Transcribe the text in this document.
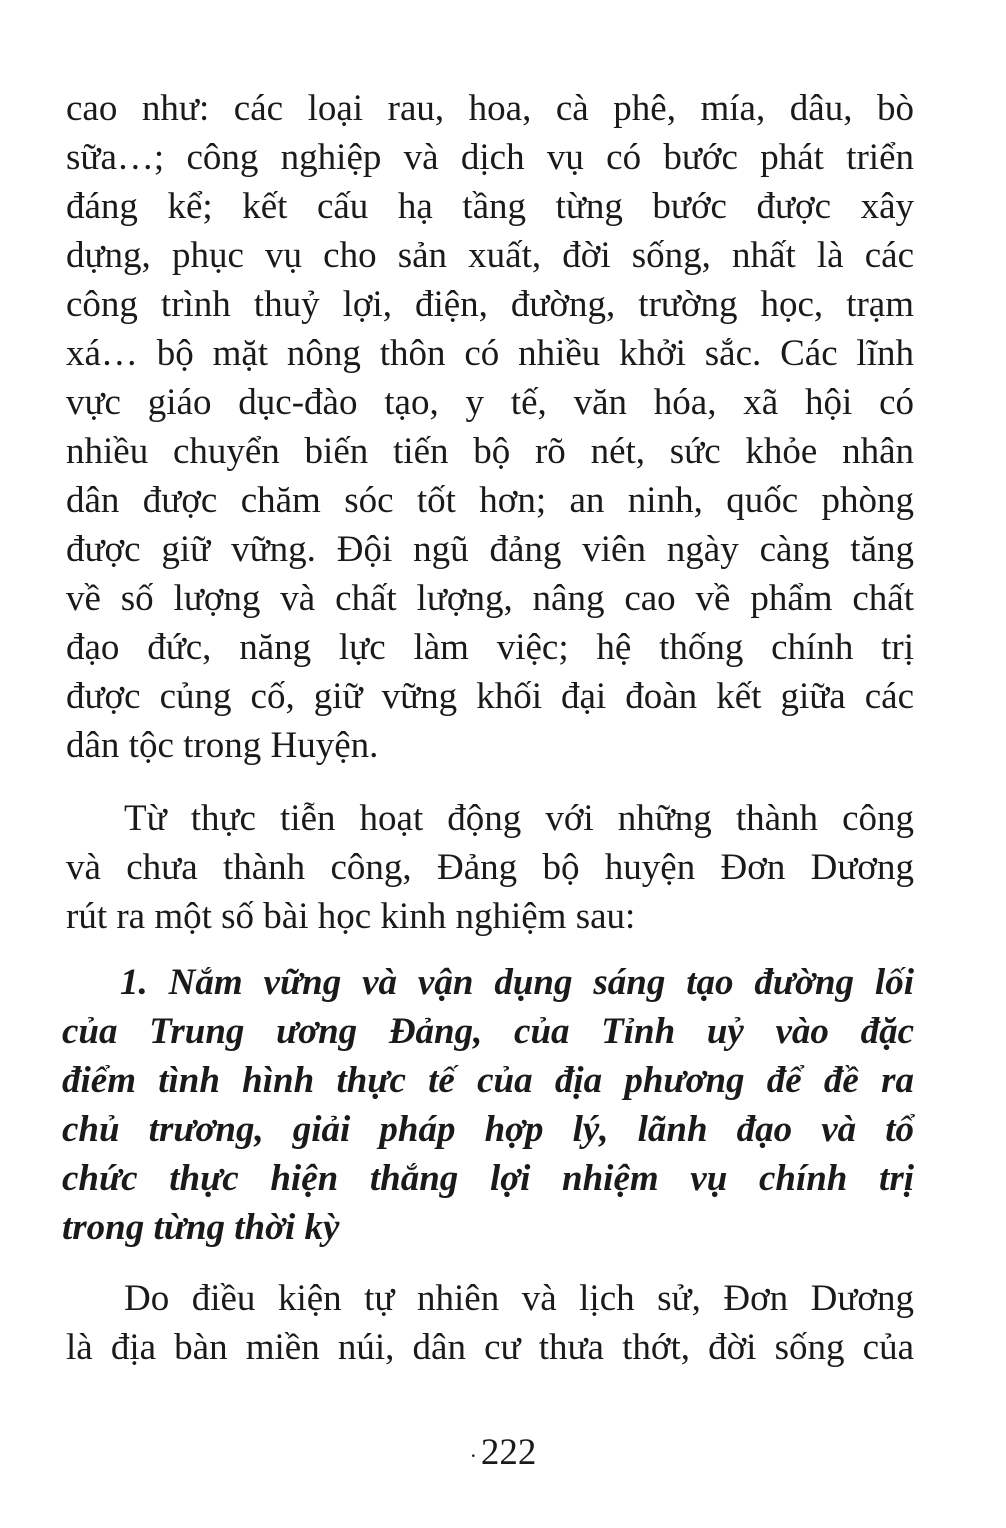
cao như: các loại rau, hoa, cà phê, mía, dâu, bò
sữa…; công nghiệp và dịch vụ có bước phát triển
đáng kể; kết cấu hạ tầng từng bước được xây
dựng, phục vụ cho sản xuất, đời sống, nhất là các
công trình thuỷ lợi, điện, đường, trường học, trạm
xá… bộ mặt nông thôn có nhiều khởi sắc. Các lĩnh
vực giáo dục-đào tạo, y tế, văn hóa, xã hội có
nhiều chuyển biến tiến bộ rõ nét, sức khỏe nhân
dân được chăm sóc tốt hơn; an ninh, quốc phòng
được giữ vững. Đội ngũ đảng viên ngày càng tăng
về số lượng và chất lượng, nâng cao về phẩm chất
đạo đức, năng lực làm việc; hệ thống chính trị
được củng cố, giữ vững khối đại đoàn kết giữa các
dân tộc trong Huyện.
Từ thực tiễn hoạt động với những thành công
và chưa thành công, Đảng bộ huyện Đơn Dương
rút ra một số bài học kinh nghiệm sau:
1. Nắm vững và vận dụng sáng tạo đường lối
của Trung ương Đảng, của Tỉnh uỷ vào đặc
điểm tình hình thực tế của địa phương để đề ra
chủ trương, giải pháp hợp lý, lãnh đạo và tổ
chức thực hiện thắng lợi nhiệm vụ chính trị
trong từng thời kỳ
Do điều kiện tự nhiên và lịch sử, Đơn Dương
là địa bàn miền núi, dân cư thưa thớt, đời sống của
· 222
